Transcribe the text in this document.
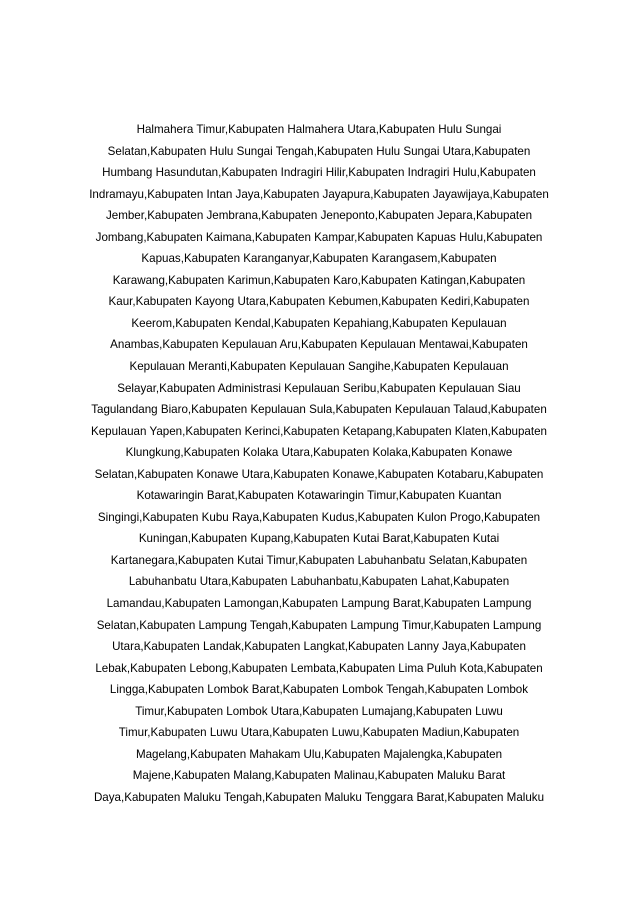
Halmahera Timur,Kabupaten Halmahera Utara,Kabupaten Hulu Sungai
Selatan,Kabupaten Hulu Sungai Tengah,Kabupaten Hulu Sungai Utara,Kabupaten
Humbang Hasundutan,Kabupaten Indragiri Hilir,Kabupaten Indragiri Hulu,Kabupaten
Indramayu,Kabupaten Intan Jaya,Kabupaten Jayapura,Kabupaten Jayawijaya,Kabupaten
Jember,Kabupaten Jembrana,Kabupaten Jeneponto,Kabupaten Jepara,Kabupaten
Jombang,Kabupaten Kaimana,Kabupaten Kampar,Kabupaten Kapuas Hulu,Kabupaten
Kapuas,Kabupaten Karanganyar,Kabupaten Karangasem,Kabupaten
Karawang,Kabupaten Karimun,Kabupaten Karo,Kabupaten Katingan,Kabupaten
Kaur,Kabupaten Kayong Utara,Kabupaten Kebumen,Kabupaten Kediri,Kabupaten
Keerom,Kabupaten Kendal,Kabupaten Kepahiang,Kabupaten Kepulauan
Anambas,Kabupaten Kepulauan Aru,Kabupaten Kepulauan Mentawai,Kabupaten
Kepulauan Meranti,Kabupaten Kepulauan Sangihe,Kabupaten Kepulauan
Selayar,Kabupaten Administrasi Kepulauan Seribu,Kabupaten Kepulauan Siau
Tagulandang Biaro,Kabupaten Kepulauan Sula,Kabupaten Kepulauan Talaud,Kabupaten
Kepulauan Yapen,Kabupaten Kerinci,Kabupaten Ketapang,Kabupaten Klaten,Kabupaten
Klungkung,Kabupaten Kolaka Utara,Kabupaten Kolaka,Kabupaten Konawe
Selatan,Kabupaten Konawe Utara,Kabupaten Konawe,Kabupaten Kotabaru,Kabupaten
Kotawaringin Barat,Kabupaten Kotawaringin Timur,Kabupaten Kuantan
Singingi,Kabupaten Kubu Raya,Kabupaten Kudus,Kabupaten Kulon Progo,Kabupaten
Kuningan,Kabupaten Kupang,Kabupaten Kutai Barat,Kabupaten Kutai
Kartanegara,Kabupaten Kutai Timur,Kabupaten Labuhanbatu Selatan,Kabupaten
Labuhanbatu Utara,Kabupaten Labuhanbatu,Kabupaten Lahat,Kabupaten
Lamandau,Kabupaten Lamongan,Kabupaten Lampung Barat,Kabupaten Lampung
Selatan,Kabupaten Lampung Tengah,Kabupaten Lampung Timur,Kabupaten Lampung
Utara,Kabupaten Landak,Kabupaten Langkat,Kabupaten Lanny Jaya,Kabupaten
Lebak,Kabupaten Lebong,Kabupaten Lembata,Kabupaten Lima Puluh Kota,Kabupaten
Lingga,Kabupaten Lombok Barat,Kabupaten Lombok Tengah,Kabupaten Lombok
Timur,Kabupaten Lombok Utara,Kabupaten Lumajang,Kabupaten Luwu
Timur,Kabupaten Luwu Utara,Kabupaten Luwu,Kabupaten Madiun,Kabupaten
Magelang,Kabupaten Mahakam Ulu,Kabupaten Majalengka,Kabupaten
Majene,Kabupaten Malang,Kabupaten Malinau,Kabupaten Maluku Barat
Daya,Kabupaten Maluku Tengah,Kabupaten Maluku Tenggara Barat,Kabupaten Maluku
